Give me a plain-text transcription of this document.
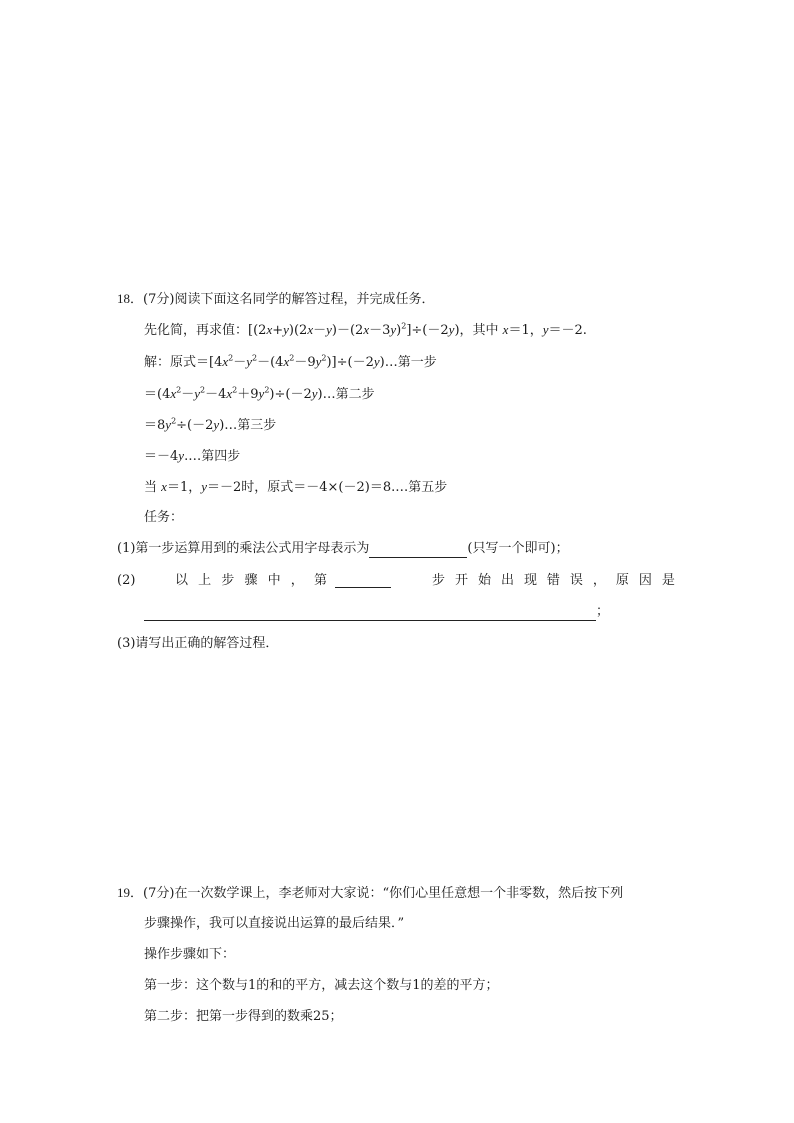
18．(7分)阅读下面这名同学的解答过程，并完成任务．
先化简，再求值：$[(2x+y)(2x-y)-(2x-3y)^2]\div(-2y)$，其中 x＝1，y＝－2.
解：原式$=[4x^2-y^2-(4x^2-9y^2)]\div(-2y)\dots$第一步
$=(4x^2-y^2-4x^2+9y^2)\div(-2y)\dots$第二步
$=8y^2\div(-2y)\dots$第三步
＝－4y.…第四步
当 x＝1，y＝－2时，原式＝－4×(－2)＝8.…第五步
任务：
(1)第一步运算用到的乘法公式用字母表示为	(只写一个即可)；
(2)	以 上 步 骤 中 ， 第	步 开 始 出 现 错 误 ， 原 因 是
；
(3)请写出正确的解答过程．
19．(7分)在一次数学课上，李老师对大家说：“你们心里任意想一个非零数，然后按下列
步骤操作，我可以直接说出运算的最后结果．”
操作步骤如下：
第一步：这个数与1的和的平方，减去这个数与1的差的平方；
第二步：把第一步得到的数乘25；
